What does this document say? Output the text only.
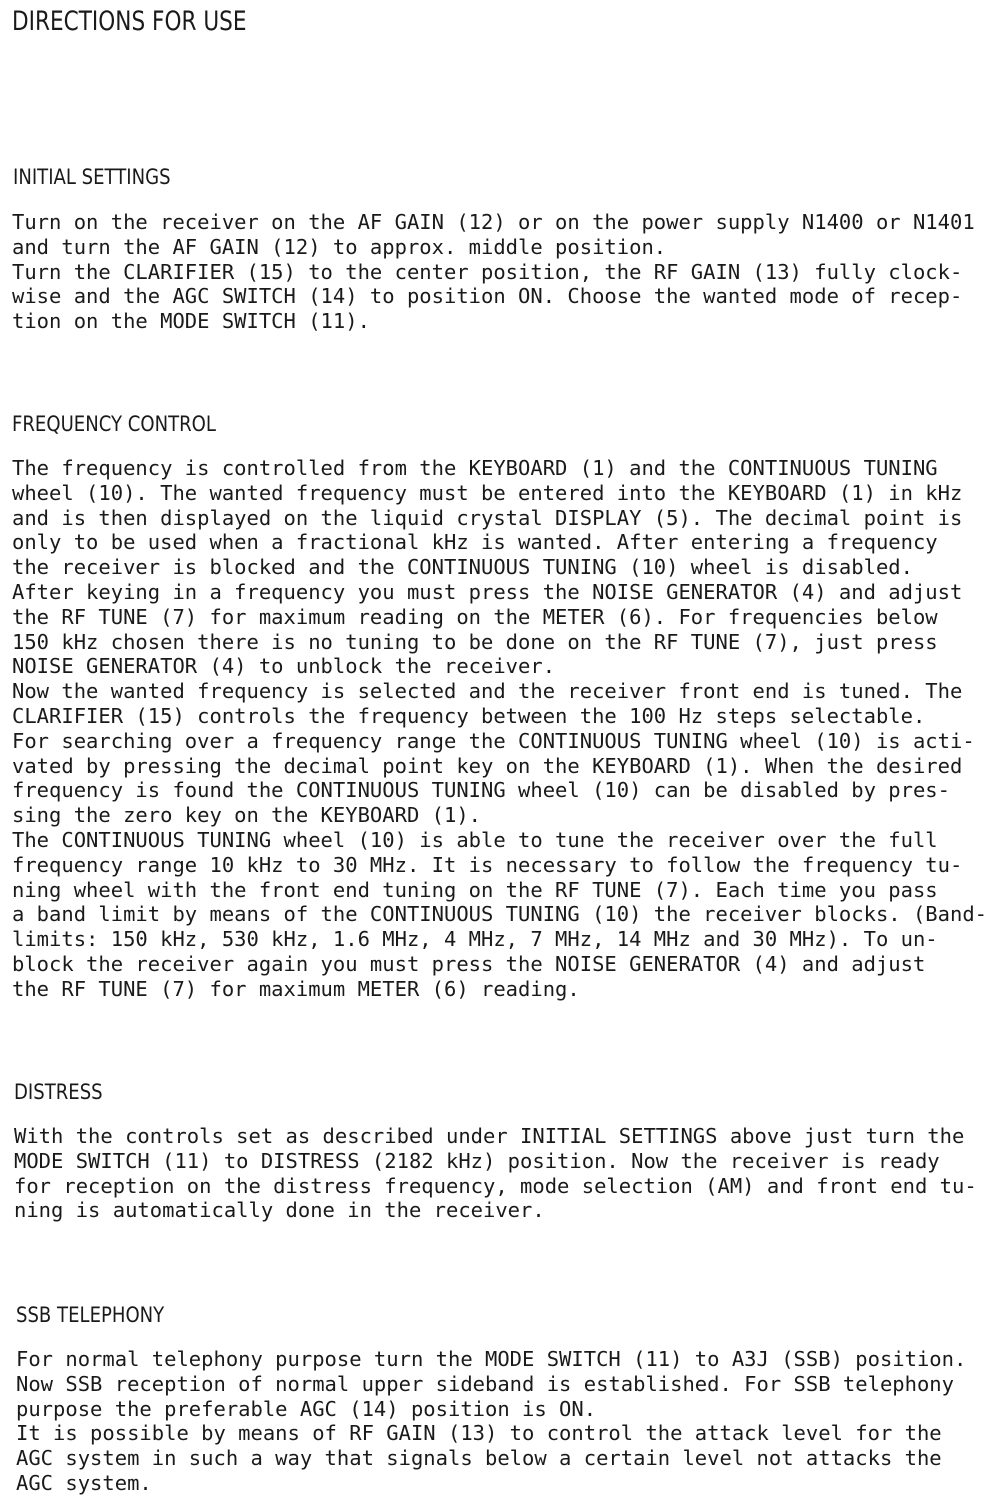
DIRECTIONS FOR USE
INITIAL SETTINGS
Turn on the receiver on the AF GAIN (12) or on the power supply N1400 or N1401
and turn the AF GAIN (12) to approx. middle position.
Turn the CLARIFIER (15) to the center position, the RF GAIN (13) fully clock-
wise and the AGC SWITCH (14) to position ON. Choose the wanted mode of recep-
tion on the MODE SWITCH (11).
FREQUENCY CONTROL
The frequency is controlled from the KEYBOARD (1) and the CONTINUOUS TUNING
wheel (10). The wanted frequency must be entered into the KEYBOARD (1) in kHz
and is then displayed on the liquid crystal DISPLAY (5). The decimal point is
only to be used when a fractional kHz is wanted. After entering a frequency
the receiver is blocked and the CONTINUOUS TUNING (10) wheel is disabled.
After keying in a frequency you must press the NOISE GENERATOR (4) and adjust
the RF TUNE (7) for maximum reading on the METER (6). For frequencies below
150 kHz chosen there is no tuning to be done on the RF TUNE (7), just press
NOISE GENERATOR (4) to unblock the receiver.
Now the wanted frequency is selected and the receiver front end is tuned. The
CLARIFIER (15) controls the frequency between the 100 Hz steps selectable.
For searching over a frequency range the CONTINUOUS TUNING wheel (10) is acti-
vated by pressing the decimal point key on the KEYBOARD (1). When the desired
frequency is found the CONTINUOUS TUNING wheel (10) can be disabled by pres-
sing the zero key on the KEYBOARD (1).
The CONTINUOUS TUNING wheel (10) is able to tune the receiver over the full
frequency range 10 kHz to 30 MHz. It is necessary to follow the frequency tu-
ning wheel with the front end tuning on the RF TUNE (7). Each time you pass
a band limit by means of the CONTINUOUS TUNING (10) the receiver blocks. (Band-
limits: 150 kHz, 530 kHz, 1.6 MHz, 4 MHz, 7 MHz, 14 MHz and 30 MHz). To un-
block the receiver again you must press the NOISE GENERATOR (4) and adjust
the RF TUNE (7) for maximum METER (6) reading.
DISTRESS
With the controls set as described under INITIAL SETTINGS above just turn the
MODE SWITCH (11) to DISTRESS (2182 kHz) position. Now the receiver is ready
for reception on the distress frequency, mode selection (AM) and front end tu-
ning is automatically done in the receiver.
SSB TELEPHONY
For normal telephony purpose turn the MODE SWITCH (11) to A3J (SSB) position.
Now SSB reception of normal upper sideband is established. For SSB telephony
purpose the preferable AGC (14) position is ON.
It is possible by means of RF GAIN (13) to control the attack level for the
AGC system in such a way that signals below a certain level not attacks the
AGC system.
